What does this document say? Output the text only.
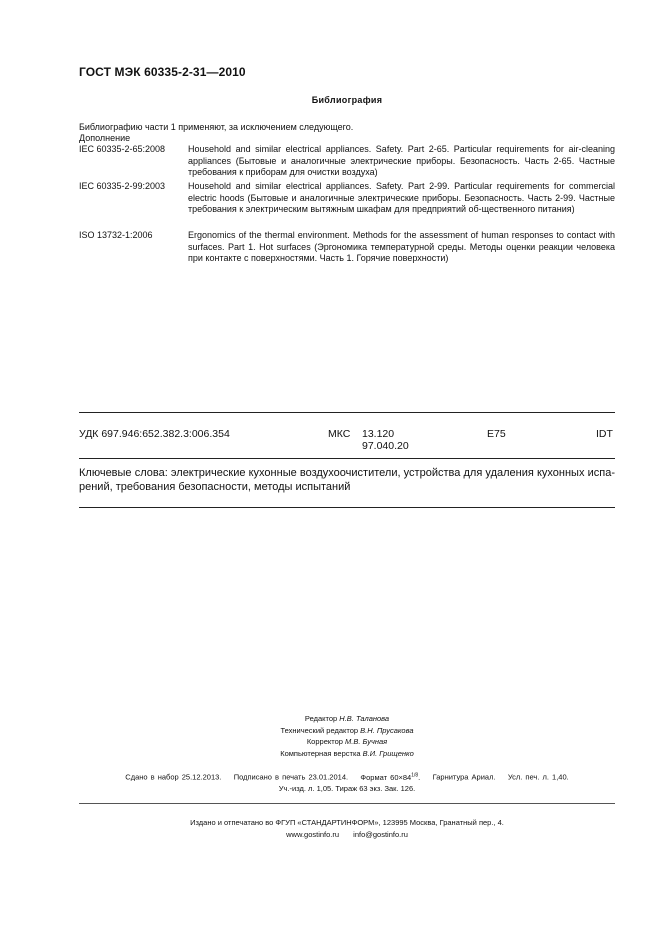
ГОСТ МЭК 60335-2-31—2010
Библиография
Библиографию части 1 применяют, за исключением следующего.
Дополнение
IEC 60335-2-65:2008	Household and similar electrical appliances. Safety. Part 2-65. Particular requirements for air-cleaning appliances (Бытовые и аналогичные электрические приборы. Безопасность. Часть 2-65. Частные требования к приборам для очистки воздуха)
IEC 60335-2-99:2003	Household and similar electrical appliances. Safety. Part 2-99. Particular requirements for commercial electric hoods (Бытовые и аналогичные электрические приборы. Безопасность. Часть 2-99. Частные требования к электрическим вытяжным шкафам для предприятий об-щественного питания)
ISO 13732-1:2006	Ergonomics of the thermal environment. Methods for the assessment of human responses to contact with surfaces. Part 1. Hot surfaces (Эргономика температурной среды. Методы оценки реакции человека при контакте с поверхностями. Часть 1. Горячие поверхности)
УДК 697.946:652.382.3:006.354	МКС 13.120
97.040.20
E75	IDT
Ключевые слова: электрические кухонные воздухоочистители, устройства для удаления кухонных испа-рений, требования безопасности, методы испытаний
Редактор Н.В. Таланова
Технический редактор В.Н. Прусакова
Корректор М.В. Бучная
Компьютерная верстка В.И. Грищенко
Сдано в набор 25.12.2013. Подписано в печать 23.01.2014. Формат $60\times 84^{1/8}$. Гарнитура Ариал. Усл. печ. л. 1,40.
Уч.-изд. л. 1,05. Тираж 63 экз. Зак. 126.
Издано и отпечатано во ФГУП «СТАНДАРТИНФОРМ», 123995 Москва, Гранатный пер., 4.
www.gostinfo.ru info@gostinfo.ru
